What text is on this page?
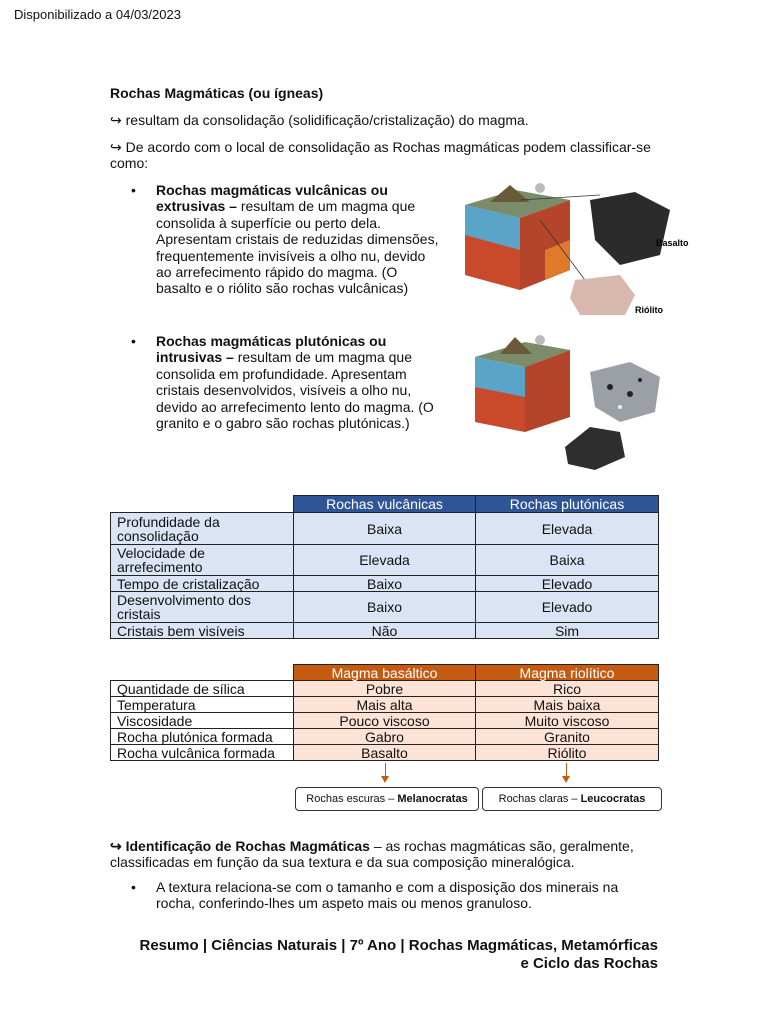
Disponibilizado a 04/03/2023
Rochas Magmáticas (ou ígneas)
↪ resultam da consolidação (solidificação/cristalização) do magma.
↪ De acordo com o local de consolidação as Rochas magmáticas podem classificar-se
como:
• Rochas magmáticas vulcânicas ou
extrusivas – resultam de um magma que
consolida à superfície ou perto dela.
Apresentam cristais de reduzidas dimensões,
frequentemente invisíveis a olho nu, devido
ao arrefecimento rápido do magma. (O
basalto e o riólito são rochas vulcânicas)
Basalto
Riólito
• Rochas magmáticas plutónicas ou
intrusivas – resultam de um magma que
consolida em profundidade. Apresentam
cristais desenvolvidos, visíveis a olho nu,
devido ao arrefecimento lento do magma. (O
granito e o gabro são rochas plutónicas.)
	Rochas vulcânicas	Rochas plutónicas
Profundidade da consolidação	Baixa	Elevada
Velocidade de arrefecimento	Elevada	Baixa
Tempo de cristalização	Baixo	Elevado
Desenvolvimento dos cristais	Baixo	Elevado
Cristais bem visíveis	Não	Sim
	Magma basáltico	Magma riolítico
Quantidade de sílica	Pobre	Rico
Temperatura	Mais alta	Mais baixa
Viscosidade	Pouco viscoso	Muito viscoso
Rocha plutónica formada	Gabro	Granito
Rocha vulcânica formada	Basalto	Riólito
Rochas escuras – Melanocratas	Rochas claras – Leucocratas
↪ Identificação de Rochas Magmáticas – as rochas magmáticas são, geralmente,
classificadas em função da sua textura e da sua composição mineralógica.
• A textura relaciona-se com o tamanho e com a disposição dos minerais na
rocha, conferindo-lhes um aspeto mais ou menos granuloso.
Resumo | Ciências Naturais | 7º Ano | Rochas Magmáticas, Metamórficas
e Ciclo das Rochas
